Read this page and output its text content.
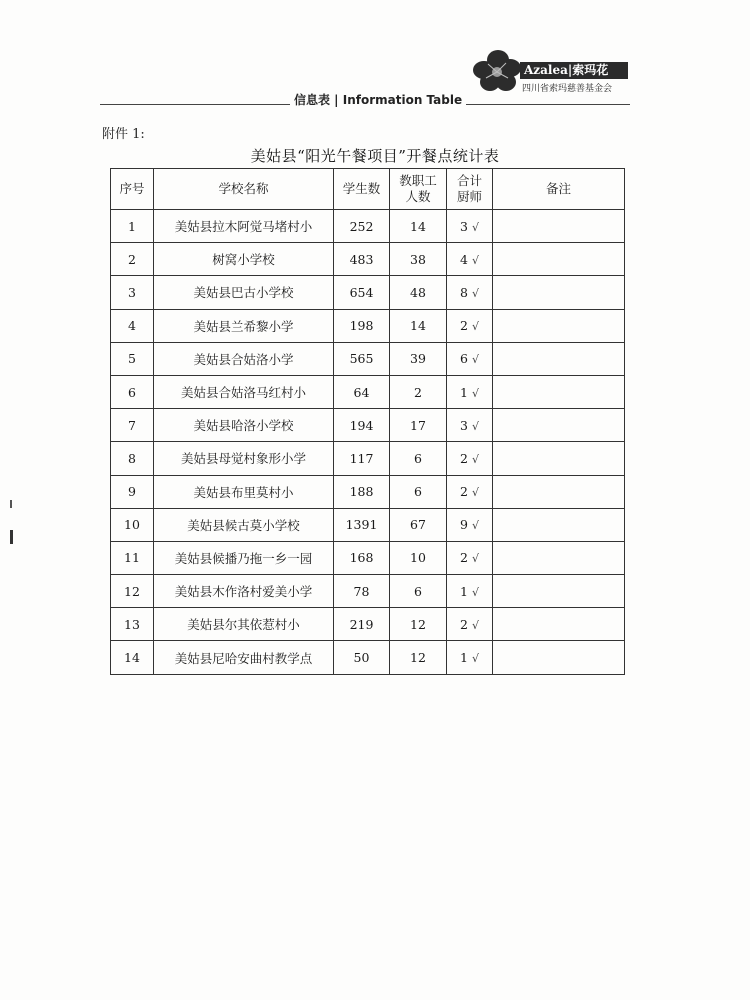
Azalea|索玛花
四川省索玛慈善基金会
信息表 | Information Table
附件 1:
美姑县“阳光午餐项目”开餐点统计表
序号	学校名称	学生数	教职工人数	合计厨师	备注
1	美姑县拉木阿觉马堵村小	252	14	3 √	
2	树窝小学校	483	38	4 √	
3	美姑县巴古小学校	654	48	8 √	
4	美姑县兰希黎小学	198	14	2 √	
5	美姑县合姑洛小学	565	39	6 √	
6	美姑县合姑洛马红村小	64	2	1 √	
7	美姑县哈洛小学校	194	17	3 √	
8	美姑县母觉村象形小学	117	6	2 √	
9	美姑县布里莫村小	188	6	2 √	
10	美姑县候古莫小学校	1391	67	9 √	
11	美姑县候播乃拖一乡一园	168	10	2 √	
12	美姑县木作洛村爱美小学	78	6	1 √	
13	美姑县尔其依惹村小	219	12	2 √	
14	美姑县尼哈安曲村教学点	50	12	1 √	
